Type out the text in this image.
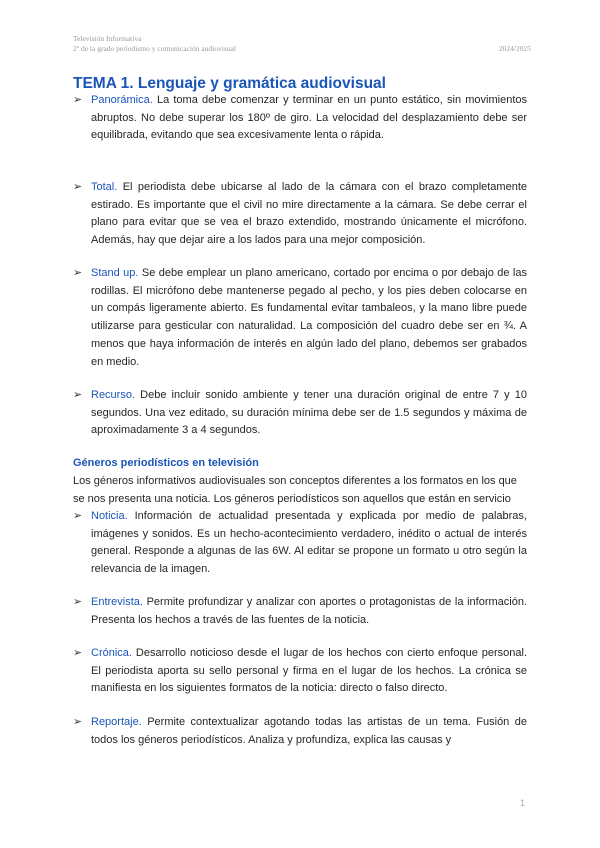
Televisión Informativa
2º de la grado periodismo y comunicación audiovisual	2024/2025
TEMA 1. Lenguaje y gramática audiovisual
➢ Panorámica. La toma debe comenzar y terminar en un punto estático, sin movimientos abruptos. No debe superar los 180º de giro. La velocidad del desplazamiento debe ser equilibrada, evitando que sea excesivamente lenta o rápida.
➢ Total. El periodista debe ubicarse al lado de la cámara con el brazo completamente estirado. Es importante que el civil no mire directamente a la cámara. Se debe cerrar el plano para evitar que se vea el brazo extendido, mostrando únicamente el micrófono. Además, hay que dejar aire a los lados para una mejor composición.
➢ Stand up. Se debe emplear un plano americano, cortado por encima o por debajo de las rodillas. El micrófono debe mantenerse pegado al pecho, y los pies deben colocarse en un compás ligeramente abierto. Es fundamental evitar tambaleos, y la mano libre puede utilizarse para gesticular con naturalidad. La composición del cuadro debe ser en ¾. A menos que haya información de interés en algún lado del plano, debemos ser grabados en medio.
➢ Recurso. Debe incluir sonido ambiente y tener una duración original de entre 7 y 10 segundos. Una vez editado, su duración mínima debe ser de 1.5 segundos y máxima de aproximadamente 3 a 4 segundos.
Géneros periodísticos en televisión
Los géneros informativos audiovisuales son conceptos diferentes a los formatos en los que se nos presenta una noticia. Los géneros periodísticos son aquellos que están en servicio
➢ Noticia. Información de actualidad presentada y explicada por medio de palabras, imágenes y sonidos. Es un hecho-acontecimiento verdadero, inédito o actual de interés general. Responde a algunas de las 6W. Al editar se propone un formato u otro según la relevancia de la imagen.
➢ Entrevista. Permite profundizar y analizar con aportes o protagonistas de la información. Presenta los hechos a través de las fuentes de la noticia.
➢ Crónica. Desarrollo noticioso desde el lugar de los hechos con cierto enfoque personal. El periodista aporta su sello personal y firma en el lugar de los hechos. La crónica se manifiesta en los siguientes formatos de la noticia: directo o falso directo.
➢ Reportaje. Permite contextualizar agotando todas las artistas de un tema. Fusión de todos los géneros periodísticos. Analiza y profundiza, explica las causas y
1
